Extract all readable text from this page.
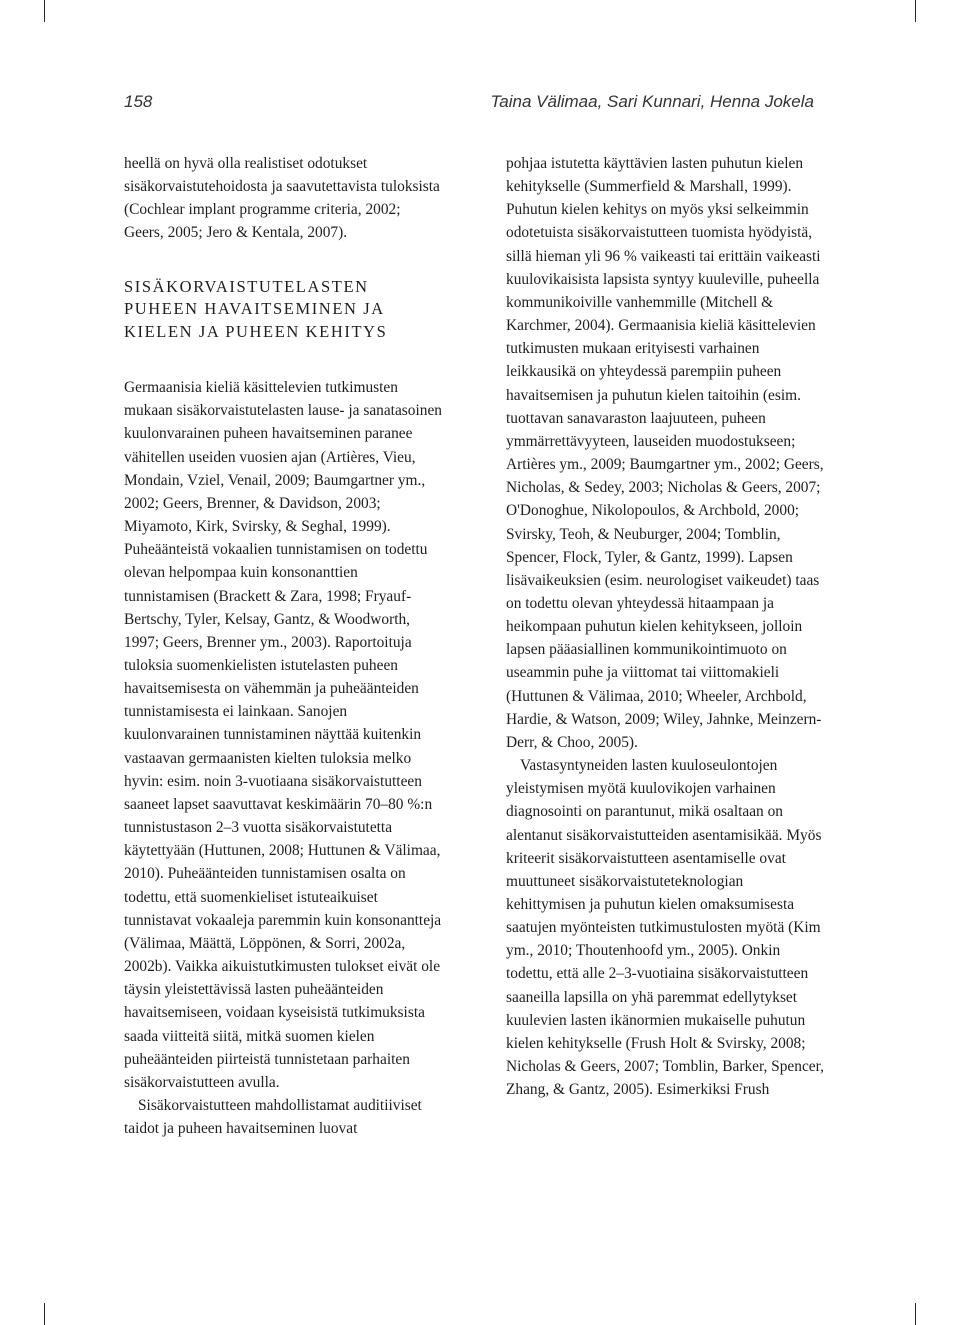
158	Taina Välimaa, Sari Kunnari, Henna Jokela

heellä on hyvä olla realistiset odotukset sisäkorvaistutehoidosta ja saavutettavista tuloksista (Cochlear implant programme criteria, 2002; Geers, 2005; Jero & Kentala, 2007).

SISÄKORVAISTUTELASTEN
PUHEEN HAVAITSEMINEN JA
KIELEN JA PUHEEN KEHITYS

Germaanisia kieliä käsittelevien tutkimusten mukaan sisäkorvaistutelasten lause- ja sanatasoinen kuulonvarainen puheen havaitseminen paranee vähitellen useiden vuosien ajan (Artières, Vieu, Mondain, Vziel, Venail, 2009; Baumgartner ym., 2002; Geers, Brenner, & Davidson, 2003; Miyamoto, Kirk, Svirsky, & Seghal, 1999). Puheäänteistä vokaalien tunnistamisen on todettu olevan helpompaa kuin konsonanttien tunnistamisen (Brackett & Zara, 1998; Fryauf-Bertschy, Tyler, Kelsay, Gantz, & Woodworth, 1997; Geers, Brenner ym., 2003). Raportoituja tuloksia suomenkielisten istutelasten puheen havaitsemisesta on vähemmän ja puheäänteiden tunnistamisesta ei lainkaan. Sanojen kuulonvarainen tunnistaminen näyttää kuitenkin vastaavan germaanisten kielten tuloksia melko hyvin: esim. noin 3-vuotiaana sisäkorvaistutteen saaneet lapset saavuttavat keskimäärin 70–80 %:n tunnistustason 2–3 vuotta sisäkorvaistutetta käytettyään (Huttunen, 2008; Huttunen & Välimaa, 2010). Puheäänteiden tunnistamisen osalta on todettu, että suomenkieliset istuteaikuiset tunnistavat vokaaleja paremmin kuin konsonantteja (Välimaa, Määttä, Löppönen, & Sorri, 2002a, 2002b). Vaikka aikuistutkimusten tulokset eivät ole täysin yleistettävissä lasten puheäänteiden havaitsemiseen, voidaan kyseisistä tutkimuksista saada viitteitä siitä, mitkä suomen kielen puheäänteiden piirteistä tunnistetaan parhaiten sisäkorvaistutteen avulla.

Sisäkorvaistutteen mahdollistamat auditiiviset taidot ja puheen havaitseminen luovat

pohjaa istutetta käyttävien lasten puhutun kielen kehitykselle (Summerfield & Marshall, 1999). Puhutun kielen kehitys on myös yksi selkeimmin odotetuista sisäkorvaistutteen tuomista hyödyistä, sillä hieman yli 96 % vaikeasti tai erittäin vaikeasti kuulovikaisista lapsista syntyy kuuleville, puheella kommunikoiville vanhemmille (Mitchell & Karchmer, 2004). Germaanisia kieliä käsittelevien tutkimusten mukaan erityisesti varhainen leikkausikä on yhteydessä parempiin puheen havaitsemisen ja puhutun kielen taitoihin (esim. tuottavan sanavaraston laajuuteen, puheen ymmärrettävyyteen, lauseiden muodostukseen; Artières ym., 2009; Baumgartner ym., 2002; Geers, Nicholas, & Sedey, 2003; Nicholas & Geers, 2007; O'Donoghue, Nikolopoulos, & Archbold, 2000; Svirsky, Teoh, & Neuburger, 2004; Tomblin, Spencer, Flock, Tyler, & Gantz, 1999). Lapsen lisävaikeuksien (esim. neurologiset vaikeudet) taas on todettu olevan yhteydessä hitaampaan ja heikompaan puhutun kielen kehitykseen, jolloin lapsen pääasiallinen kommunikointimuoto on useammin puhe ja viittomat tai viittomakieli (Huttunen & Välimaa, 2010; Wheeler, Archbold, Hardie, & Watson, 2009; Wiley, Jahnke, Meinzern-Derr, & Choo, 2005).

Vastasyntyneiden lasten kuuloseulontojen yleistymisen myötä kuulovikojen varhainen diagnosointi on parantunut, mikä osaltaan on alentanut sisäkorvaistutteiden asentamisikää. Myös kriteerit sisäkorvaistutteen asentamiselle ovat muuttuneet sisäkorvaistuteteknologian kehittymisen ja puhutun kielen omaksumisesta saatujen myönteisten tutkimustulosten myötä (Kim ym., 2010; Thoutenhoofd ym., 2005). Onkin todettu, että alle 2–3-vuotiaina sisäkorvaistutteen saaneilla lapsilla on yhä paremmat edellytykset kuulevien lasten ikänormien mukaiselle puhutun kielen kehitykselle (Frush Holt & Svirsky, 2008; Nicholas & Geers, 2007; Tomblin, Barker, Spencer, Zhang, & Gantz, 2005). Esimerkiksi Frush
